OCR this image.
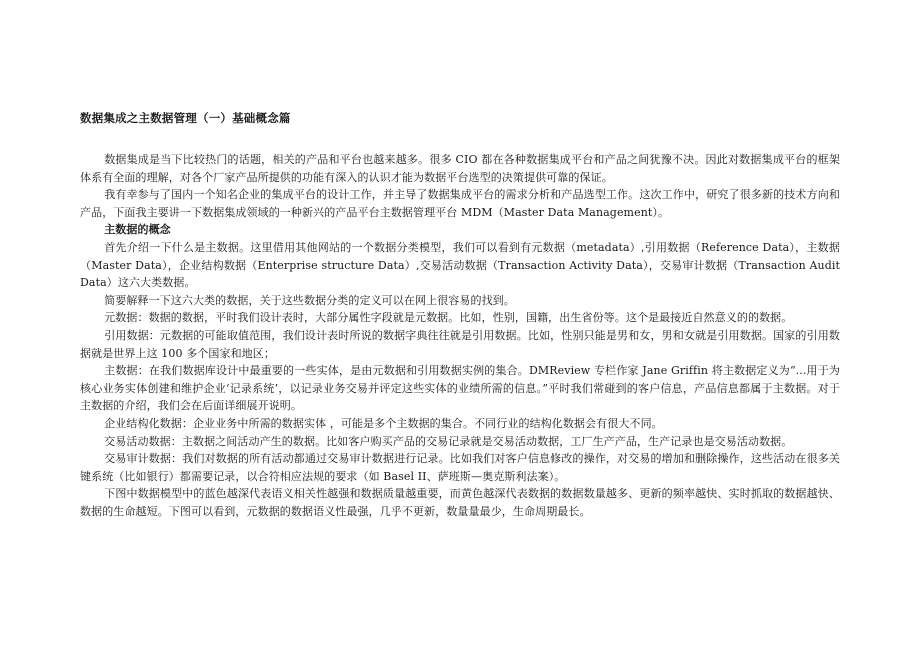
数据集成之主数据管理（一）基础概念篇

数据集成是当下比较热门的话题，相关的产品和平台也越来越多。很多 CIO 都在各种数据集成平台和产品之间犹豫不决。因此对数据集成平台的框架体系有全面的理解，对各个厂家产品所提供的功能有深入的认识才能为数据平台选型的决策提供可靠的保证。

我有幸参与了国内一个知名企业的集成平台的设计工作，并主导了数据集成平台的需求分析和产品选型工作。这次工作中，研究了很多新的技术方向和产品，下面我主要讲一下数据集成领域的一种新兴的产品平台主数据管理平台 MDM（Master Data Management）。

主数据的概念

首先介绍一下什么是主数据。这里借用其他网站的一个数据分类模型，我们可以看到有元数据（metadata）,引用数据（Reference Data），主数据（Master Data），企业结构数据（Enterprise structure Data）,交易活动数据（Transaction Activity Data），交易审计数据（Transaction Audit Data）这六大类数据。

简要解释一下这六大类的数据，关于这些数据分类的定义可以在网上很容易的找到。

元数据：数据的数据，平时我们设计表时，大部分属性字段就是元数据。比如，性别，国籍，出生省份等。这个是最接近自然意义的的数据。

引用数据：元数据的可能取值范围，我们设计表时所说的数据字典往往就是引用数据。比如，性别只能是男和女，男和女就是引用数据。国家的引用数据就是世界上这 100 多个国家和地区；

主数据：在我们数据库设计中最重要的一些实体，是由元数据和引用数据实例的集合。DMReview 专栏作家 Jane Griffin 将主数据定义为“...用于为核心业务实体创建和维护企业‘记录系统’，以记录业务交易并评定这些实体的业绩所需的信息。”平时我们常碰到的客户信息，产品信息都属于主数据。对于主数据的介绍，我们会在后面详细展开说明。

企业结构化数据：企业业务中所需的数据实体 ，可能是多个主数据的集合。不同行业的结构化数据会有很大不同。

交易活动数据：主数据之间活动产生的数据。比如客户购买产品的交易记录就是交易活动数据，工厂生产产品，生产记录也是交易活动数据。

交易审计数据：我们对数据的所有活动都通过交易审计数据进行记录。比如我们对客户信息修改的操作，对交易的增加和删除操作，这些活动在很多关键系统（比如银行）都需要记录，以合符相应法规的要求（如 Basel II、萨班斯—奥克斯利法案）。

下图中数据模型中的蓝色越深代表语义相关性越强和数据质量越重要，而黄色越深代表数据的数据数量越多、更新的频率越快、实时抓取的数据越快、数据的生命越短。下图可以看到，元数据的数据语义性最强，几乎不更新，数量量最少，生命周期最长。
